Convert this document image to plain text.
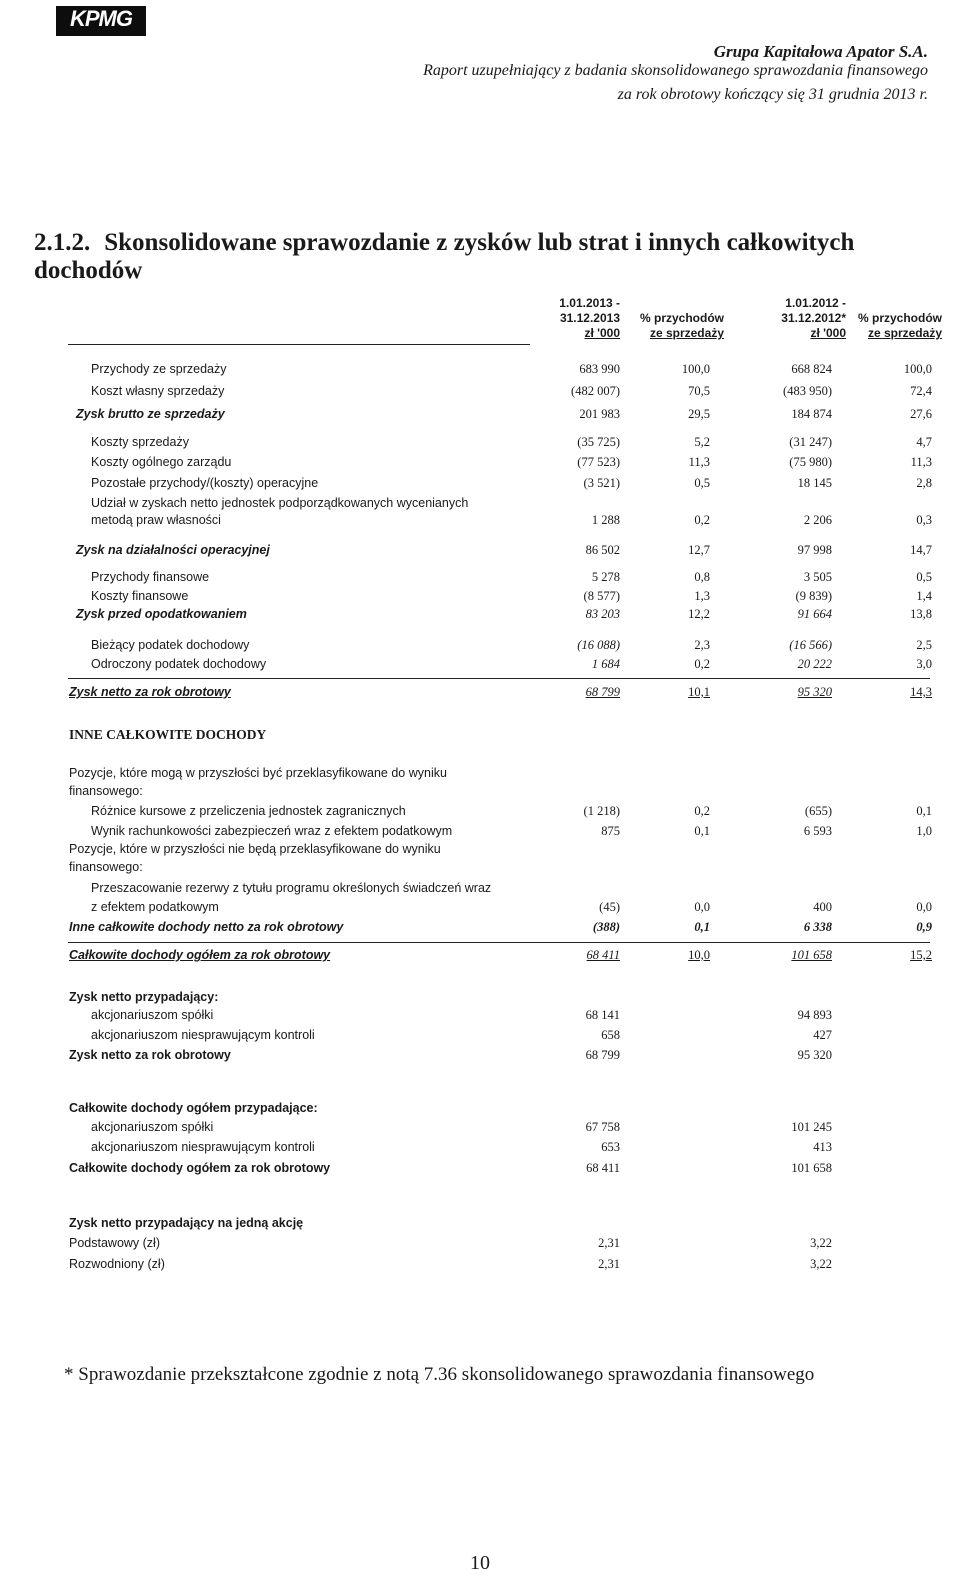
KPMG
Grupa Kapitałowa Apator S.A.
Raport uzupełniający z badania skonsolidowanego sprawozdania finansowego
za rok obrotowy kończący się 31 grudnia 2013 r.
2.1.2. Skonsolidowane sprawozdanie z zysków lub strat i innych całkowitych dochodów
1.01.2013 -
31.12.2013
zł '000
% przychodów
ze sprzedaży
1.01.2012 -
31.12.2012*
zł '000
% przychodów
ze sprzedaży
Przychody ze sprzedaży	683 990	100,0	668 824	100,0
Koszt własny sprzedaży	(482 007)	70,5	(483 950)	72,4
Zysk brutto ze sprzedaży	201 983	29,5	184 874	27,6
Koszty sprzedaży	(35 725)	5,2	(31 247)	4,7
Koszty ogólnego zarządu	(77 523)	11,3	(75 980)	11,3
Pozostałe przychody/(koszty) operacyjne	(3 521)	0,5	18 145	2,8
Udział w zyskach netto jednostek podporządkowanych wycenianych
metodą praw własności	1 288	0,2	2 206	0,3
Zysk na działalności operacyjnej	86 502	12,7	97 998	14,7
Przychody finansowe	5 278	0,8	3 505	0,5
Koszty finansowe	(8 577)	1,3	(9 839)	1,4
Zysk przed opodatkowaniem	83 203	12,2	91 664	13,8
Bieżący podatek dochodowy	(16 088)	2,3	(16 566)	2,5
Odroczony podatek dochodowy	1 684	0,2	20 222	3,0
Zysk netto za rok obrotowy	68 799	10,1	95 320	14,3
INNE CAŁKOWITE DOCHODY
Pozycje, które mogą w przyszłości być przeklasyfikowane do wyniku
finansowego:
Różnice kursowe z przeliczenia jednostek zagranicznych	(1 218)	0,2	(655)	0,1
Wynik rachunkowości zabezpieczeń wraz z efektem podatkowym	875	0,1	6 593	1,0
Pozycje, które w przyszłości nie będą przeklasyfikowane do wyniku
finansowego:
Przeszacowanie rezerwy z tytułu programu określonych świadczeń wraz
z efektem podatkowym	(45)	0,0	400	0,0
Inne całkowite dochody netto za rok obrotowy	(388)	0,1	6 338	0,9
Całkowite dochody ogółem za rok obrotowy	68 411	10,0	101 658	15,2
Zysk netto przypadający:
akcjonariuszom spółki	68 141	94 893
akcjonariuszom niesprawującym kontroli	658	427
Zysk netto za rok obrotowy	68 799	95 320
Całkowite dochody ogółem przypadające:
akcjonariuszom spółki	67 758	101 245
akcjonariuszom niesprawującym kontroli	653	413
Całkowite dochody ogółem za rok obrotowy	68 411	101 658
Zysk netto przypadający na jedną akcję
Podstawowy (zł)	2,31	3,22
Rozwodniony (zł)	2,31	3,22
* Sprawozdanie przekształcone zgodnie z notą 7.36 skonsolidowanego sprawozdania finansowego
10
